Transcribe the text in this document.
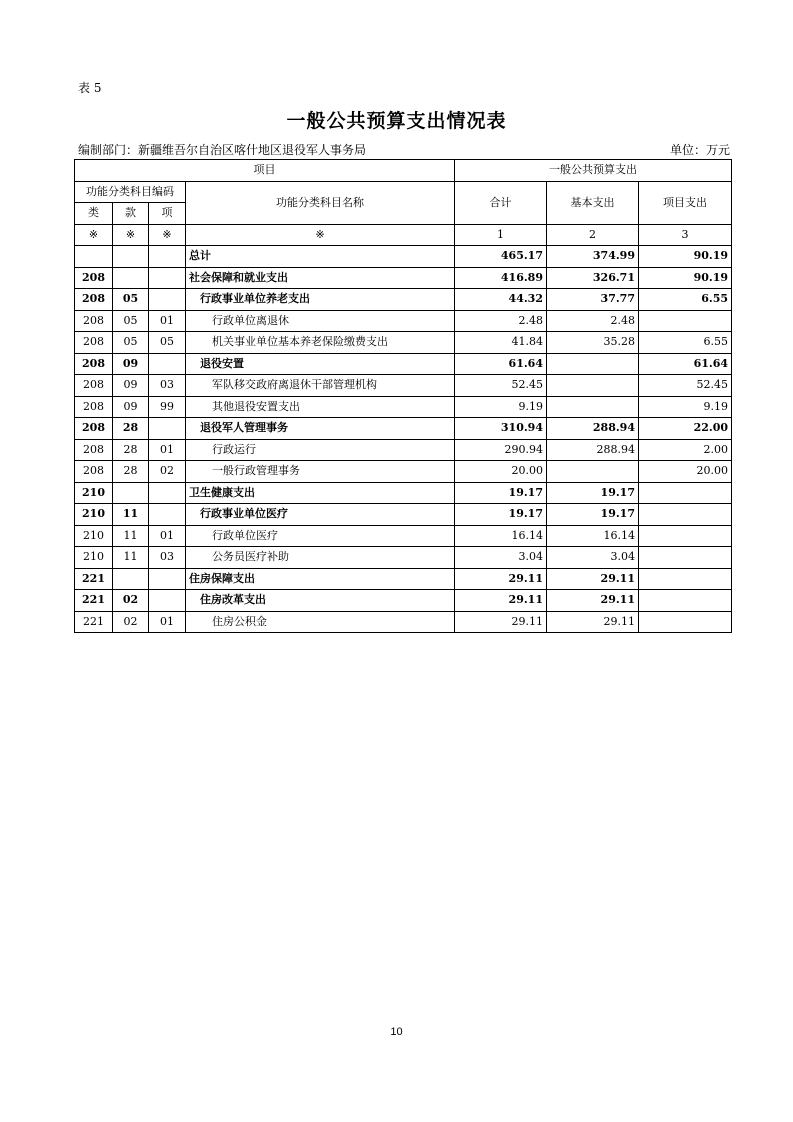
表 5
一般公共预算支出情况表
编制部门：新疆维吾尔自治区喀什地区退役军人事务局	单位：万元
项目				一般公共预算支出		
功能分类科目编码			功能分类科目名称	合计	基本支出	项目支出
类	款	项				
※	※	※	※	1	2	3
			总计	465.17	374.99	90.19
208			社会保障和就业支出	416.89	326.71	90.19
208	05		行政事业单位养老支出	44.32	37.77	6.55
208	05	01	行政单位离退休	2.48	2.48	
208	05	05	机关事业单位基本养老保险缴费支出	41.84	35.28	6.55
208	09		退役安置	61.64		61.64
208	09	03	军队移交政府离退休干部管理机构	52.45		52.45
208	09	99	其他退役安置支出	9.19		9.19
208	28		退役军人管理事务	310.94	288.94	22.00
208	28	01	行政运行	290.94	288.94	2.00
208	28	02	一般行政管理事务	20.00		20.00
210			卫生健康支出	19.17	19.17	
210	11		行政事业单位医疗	19.17	19.17	
210	11	01	行政单位医疗	16.14	16.14	
210	11	03	公务员医疗补助	3.04	3.04	
221			住房保障支出	29.11	29.11	
221	02		住房改革支出	29.11	29.11	
221	02	01	住房公积金	29.11	29.11	
10
